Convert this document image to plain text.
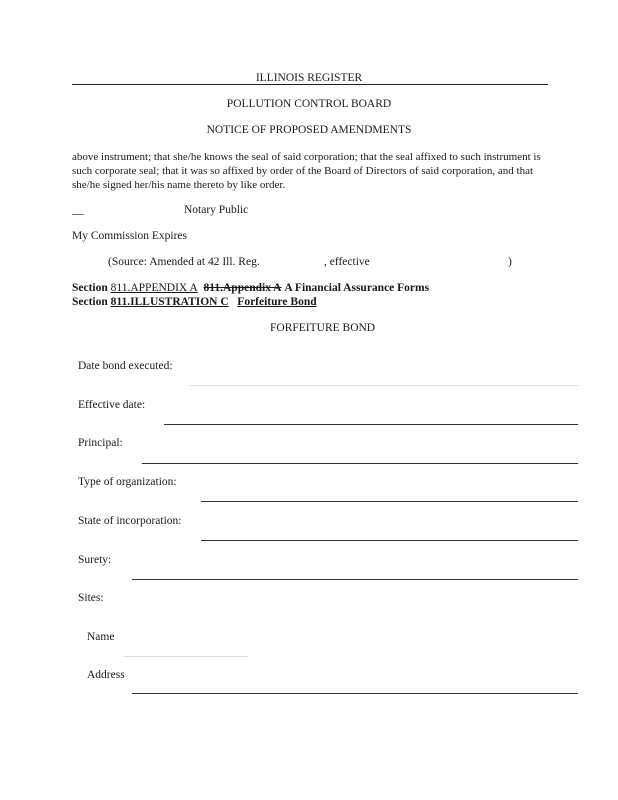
ILLINOIS REGISTER
POLLUTION CONTROL BOARD
NOTICE OF PROPOSED AMENDMENTS
above instrument; that she/he knows the seal of said corporation; that the seal affixed to such instrument is such corporate seal; that it was so affixed by order of the Board of Directors of said corporation, and that she/he signed her/his name thereto by like order.
__	Notary Public
My Commission Expires
(Source: Amended at 42 Ill. Reg.	, effective	)
Section 811.APPENDIX A 811.Appendix A A Financial Assurance Forms
Section 811.ILLUSTRATION C Forfeiture Bond
FORFEITURE BOND
Date bond executed:
Effective date:
Principal:
Type of organization:
State of incorporation:
Surety:
Sites:
Name
Address
